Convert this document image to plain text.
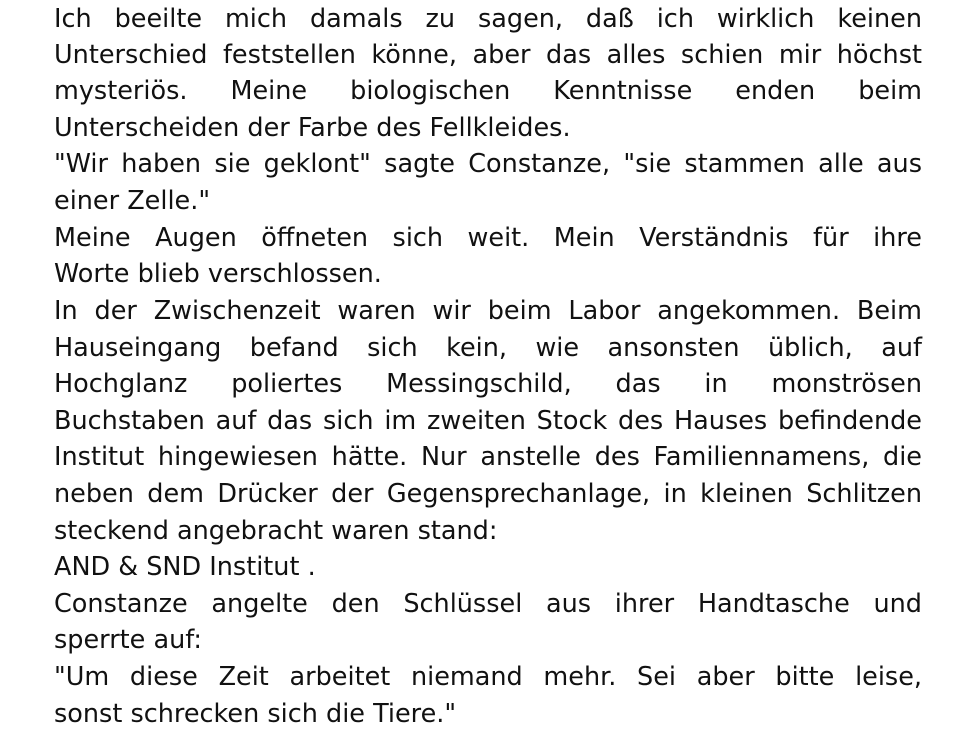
Ich beeilte mich damals zu sagen, daß ich wirklich keinen
Unterschied feststellen könne, aber das alles schien mir höchst
mysteriös. Meine biologischen Kenntnisse enden beim
Unterscheiden der Farbe des Fellkleides.
"Wir haben sie geklont" sagte Constanze, "sie stammen alle aus
einer Zelle."
Meine Augen öffneten sich weit. Mein Verständnis für ihre
Worte blieb verschlossen.
In der Zwischenzeit waren wir beim Labor angekommen. Beim
Hauseingang befand sich kein, wie ansonsten üblich, auf
Hochglanz poliertes Messingschild, das in monströsen
Buchstaben auf das sich im zweiten Stock des Hauses befindende
Institut hingewiesen hätte. Nur anstelle des Familiennamens, die
neben dem Drücker der Gegensprechanlage, in kleinen Schlitzen
steckend angebracht waren stand:
AND & SND Institut .
Constanze angelte den Schlüssel aus ihrer Handtasche und
sperrte auf:
"Um diese Zeit arbeitet niemand mehr. Sei aber bitte leise,
sonst schrecken sich die Tiere."
